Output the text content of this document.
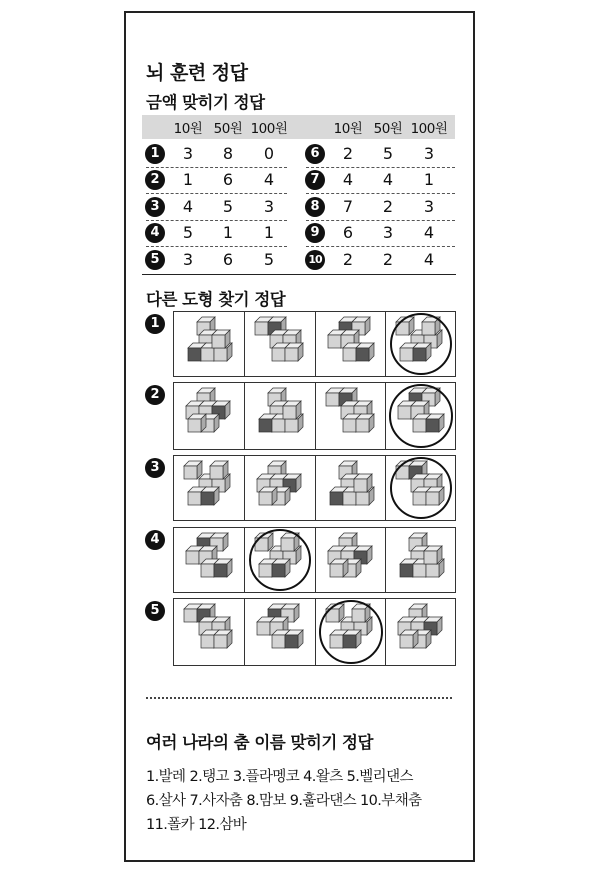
뇌 훈련 정답
금액 맞히기 정답
10원 50원 100원	10원 50원 100원
1	3	8	0
2	1	6	4
3	4	5	3
4	5	1	1
5	3	6	5
6	2	5	3
7	4	4	1
8	7	2	3
9	6	3	4
10	2	2	4
다른 도형 찾기 정답
1
2
3
4
5
여러 나라의 춤 이름 맞히기 정답
1.발레 2.탱고 3.플라멩코 4.왈츠 5.벨리댄스
6.살사 7.사자춤 8.맘보 9.훌라댄스 10.부채춤
11.폴카 12.삼바
